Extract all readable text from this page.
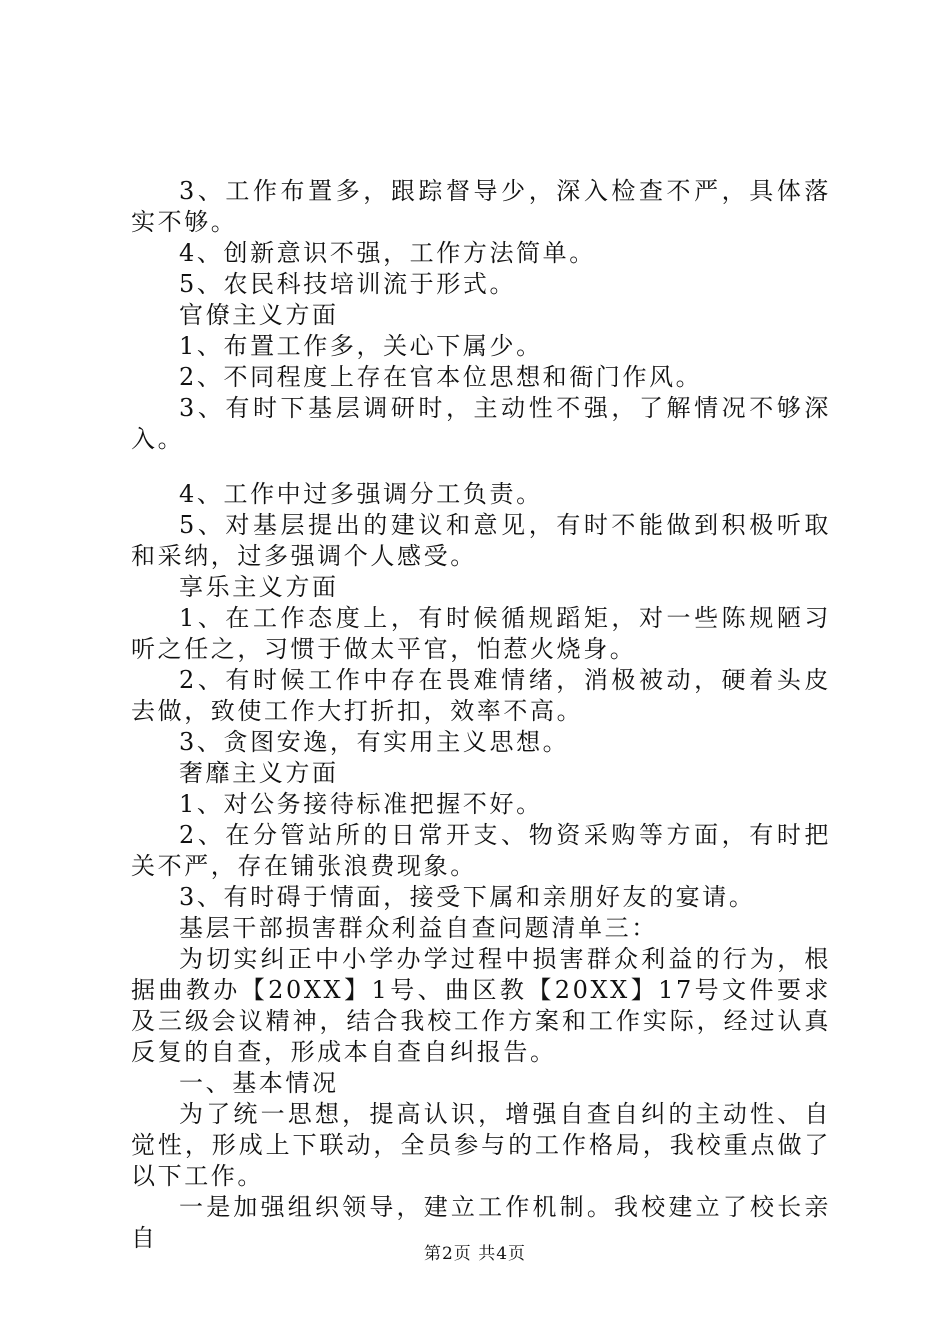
3、工作布置多，跟踪督导少，深入检查不严，具体落实不够。

4、创新意识不强，工作方法简单。

5、农民科技培训流于形式。

官僚主义方面

1、布置工作多，关心下属少。

2、不同程度上存在官本位思想和衙门作风。

3、有时下基层调研时，主动性不强，了解情况不够深入。

4、工作中过多强调分工负责。

5、对基层提出的建议和意见，有时不能做到积极听取和采纳，过多强调个人感受。

享乐主义方面

1、在工作态度上，有时候循规蹈矩，对一些陈规陋习听之任之，习惯于做太平官，怕惹火烧身。

2、有时候工作中存在畏难情绪，消极被动，硬着头皮去做，致使工作大打折扣，效率不高。

3、贪图安逸，有实用主义思想。

奢靡主义方面

1、对公务接待标准把握不好。

2、在分管站所的日常开支、物资采购等方面，有时把关不严，存在铺张浪费现象。

3、有时碍于情面，接受下属和亲朋好友的宴请。

基层干部损害群众利益自查问题清单三：

为切实纠正中小学办学过程中损害群众利益的行为，根据曲教办【20XX】1号、曲区教【20XX】17号文件要求及三级会议精神，结合我校工作方案和工作实际，经过认真反复的自查，形成本自查自纠报告。

一、基本情况

为了统一思想，提高认识，增强自查自纠的主动性、自觉性，形成上下联动，全员参与的工作格局，我校重点做了以下工作。

一是加强组织领导，建立工作机制。我校建立了校长亲自

第2页 共4页
